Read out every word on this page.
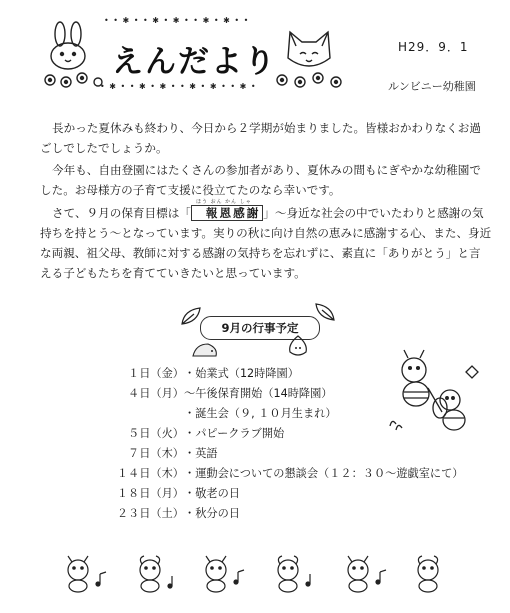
• • ✱ • • ✱ • ✱ • • ✱ • ✱ • •
えんだより
• ✱ • • ✱ • ✱ • • ✱ • ✱ • • ✱ •
H29．9．1
ルンビニー幼稚園
長かった夏休みも終わり、今日から２学期が始まりました。皆様おかわりなくお過ごしでしたでしょうか。
今年も、自由登園にはたくさんの参加者があり、夏休みの間もにぎやかな幼稚園でした。お母様方の子育て支援に役立てたのなら幸いです。
ほう おん かん しゃ
さて、９月の保育目標は「 報恩感謝 」～身近な社会の中でいたわりと感謝の気持ちを持とう～となっています。実りの秋に向け自然の恵みに感謝する心、また、身近な両親、祖父母、教師に対する感謝の気持ちを忘れずに、素直に「ありがとう」と言える子どもたちを育てていきたいと思っています。
9月の行事予定
１日（金）・始業式（12時降園）
４日（月）～午後保育開始（14時降園）
・誕生会（９, １０月生まれ）
５日（火）・パピークラブ開始
７日（木）・英語
１４日（木）・運動会についての懇談会（１２：３０～遊戯室にて）
１８日（月）・敬老の日
２３日（土）・秋分の日
